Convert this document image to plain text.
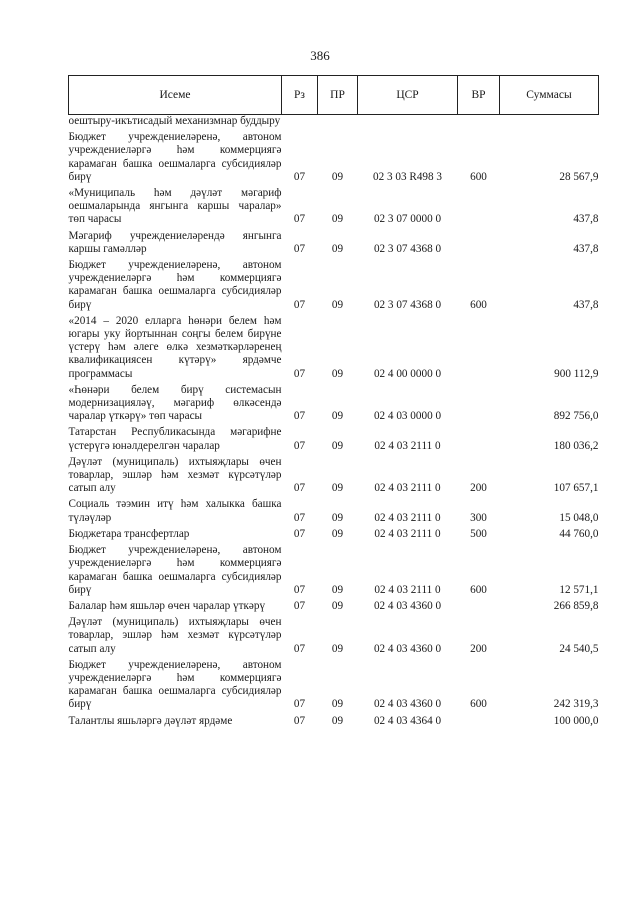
386
Исеме	Рз	ПР	ЦСР	ВР	Суммасы
оештыру-икътисадый механизмнар буддыру					
Бюджет учреждениеләренә, автоном учреждениеләргә һәм коммерциягә карамаган башка оешмаларга субсидияләр бирү	07	09	02 3 03 R498 3	600	28 567,9
«Муниципаль һәм дәүләт мәгариф оешмаларында янгынга каршы чаралар» төп чарасы	07	09	02 3 07 0000 0		437,8
Мәгариф учреждениеләрендә янгынга каршы гамәлләр	07	09	02 3 07 4368 0		437,8
Бюджет учреждениеләренә, автоном учреждениеләргә һәм коммерциягә карамаган башка оешмаларга субсидияләр бирү	07	09	02 3 07 4368 0	600	437,8
«2014 – 2020 елларга һөнәри белем һәм югары уку йортыннан соңгы белем бирүне үстерү һәм әлеге өлкә хезмәткәрләренең квалификациясен күтәрү» ярдәмче программасы	07	09	02 4 00 0000 0		900 112,9
«Һөнәри белем бирү системасын модернизацияләү, мәгариф өлкәсендә чаралар үткәрү» төп чарасы	07	09	02 4 03 0000 0		892 756,0
Татарстан Республикасында мәгарифне үстерүгә юнәлдерелгән чаралар	07	09	02 4 03 2111 0		180 036,2
Дәүләт (муниципаль) ихтыяҗлары өчен товарлар, эшләр һәм хезмәт күрсәтүләр сатып алу	07	09	02 4 03 2111 0	200	107 657,1
Социаль тәэмин итү һәм халыкка башка түләүләр	07	09	02 4 03 2111 0	300	15 048,0
Бюджетара трансфертлар	07	09	02 4 03 2111 0	500	44 760,0
Бюджет учреждениеләренә, автоном учреждениеләргә һәм коммерциягә карамаган башка оешмаларга субсидияләр бирү	07	09	02 4 03 2111 0	600	12 571,1
Балалар һәм яшьләр өчен чаралар үткәрү	07	09	02 4 03 4360 0		266 859,8
Дәүләт (муниципаль) ихтыяҗлары өчен товарлар, эшләр һәм хезмәт күрсәтүләр сатып алу	07	09	02 4 03 4360 0	200	24 540,5
Бюджет учреждениеләренә, автоном учреждениеләргә һәм коммерциягә карамаган башка оешмаларга субсидияләр бирү	07	09	02 4 03 4360 0	600	242 319,3
Талантлы яшьләргә дәүләт ярдәме	07	09	02 4 03 4364 0		100 000,0
